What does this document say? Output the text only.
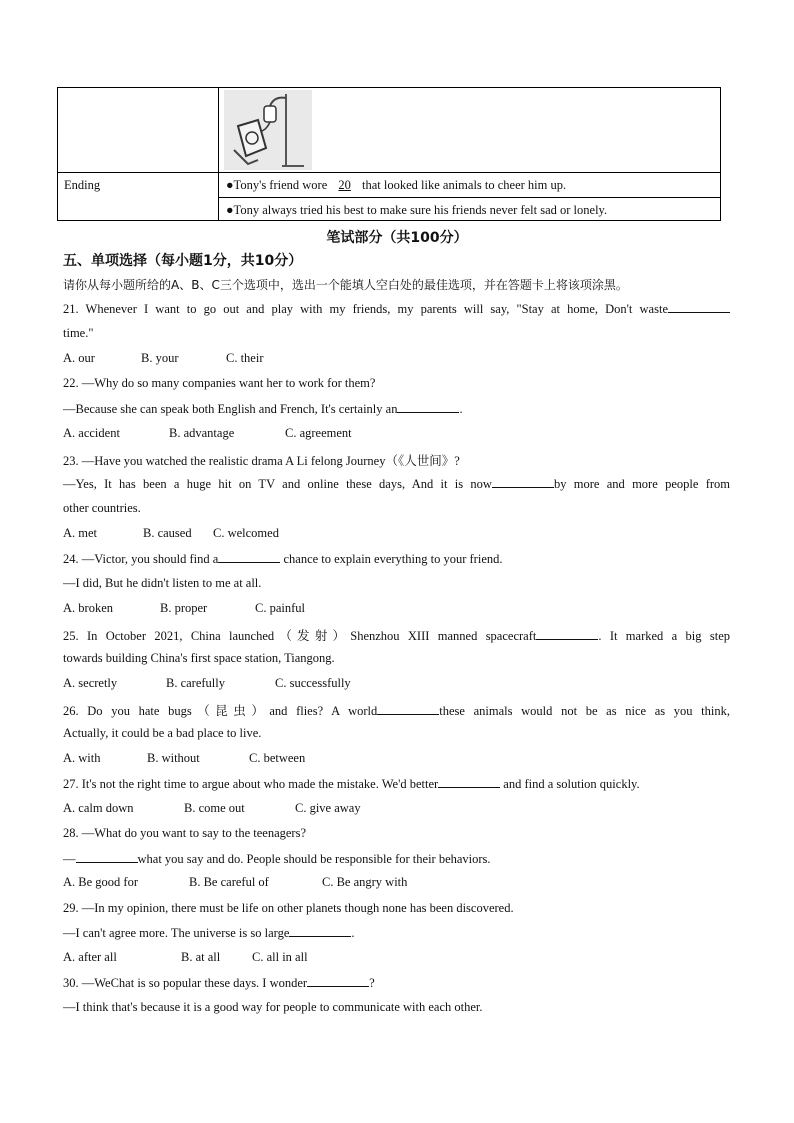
Ending	●Tony's friend wore 20 that looked like animals to cheer him up.
●Tony always tried his best to make sure his friends never felt sad or lonely.
笔试部分（共100分）
五、单项选择（每小题1分，共10分）
请你从每小题所给的A、B、C三个选项中，选出一个能填人空白处的最佳选项，并在答题卡上将该项涂黑。
21. Whenever I want to go out and play with my friends, my parents will say, "Stay at home, Don't waste
time."
A. our	B. your	C. their
22. —Why do so many companies want her to work for them?
—Because she can speak both English and French, It's certainly an	.
A. accident	B. advantage	C. agreement
23. —Have you watched the realistic drama A Li felong Journey（《人世间》?
—Yes, It has been a huge hit on TV and online these days, And it is now	by more and more people from
other countries.
A. met	B. caused C. welcomed
24. —Victor, you should find a	chance to explain everything to your friend.
—I did, But he didn't listen to me at all.
A. broken	B. proper	C. painful
25. In October 2021, China launched（发射）Shenzhou XIII manned spacecraft	. It marked a big step
towards building China's first space station, Tiangong.
A. secretly	B. carefully	C. successfully
26. Do you hate bugs（昆虫）and flies? A world	these animals would not be as nice as you think,
Actually, it could be a bad place to live.
A. with	B. without	C. between
27. It's not the right time to argue about who made the mistake. We'd better	and find a solution quickly.
A. calm down	B. come out	C. give away
28. —What do you want to say to the teenagers?
—	what you say and do. People should be responsible for their behaviors.
A. Be good for	B. Be careful of	C. Be angry with
29. —In my opinion, there must be life on other planets though none has been discovered.
—I can't agree more. The universe is so large	.
A. after all	B. at all	C. all in all
30. —WeChat is so popular these days. I wonder	?
—I think that's because it is a good way for people to communicate with each other.
